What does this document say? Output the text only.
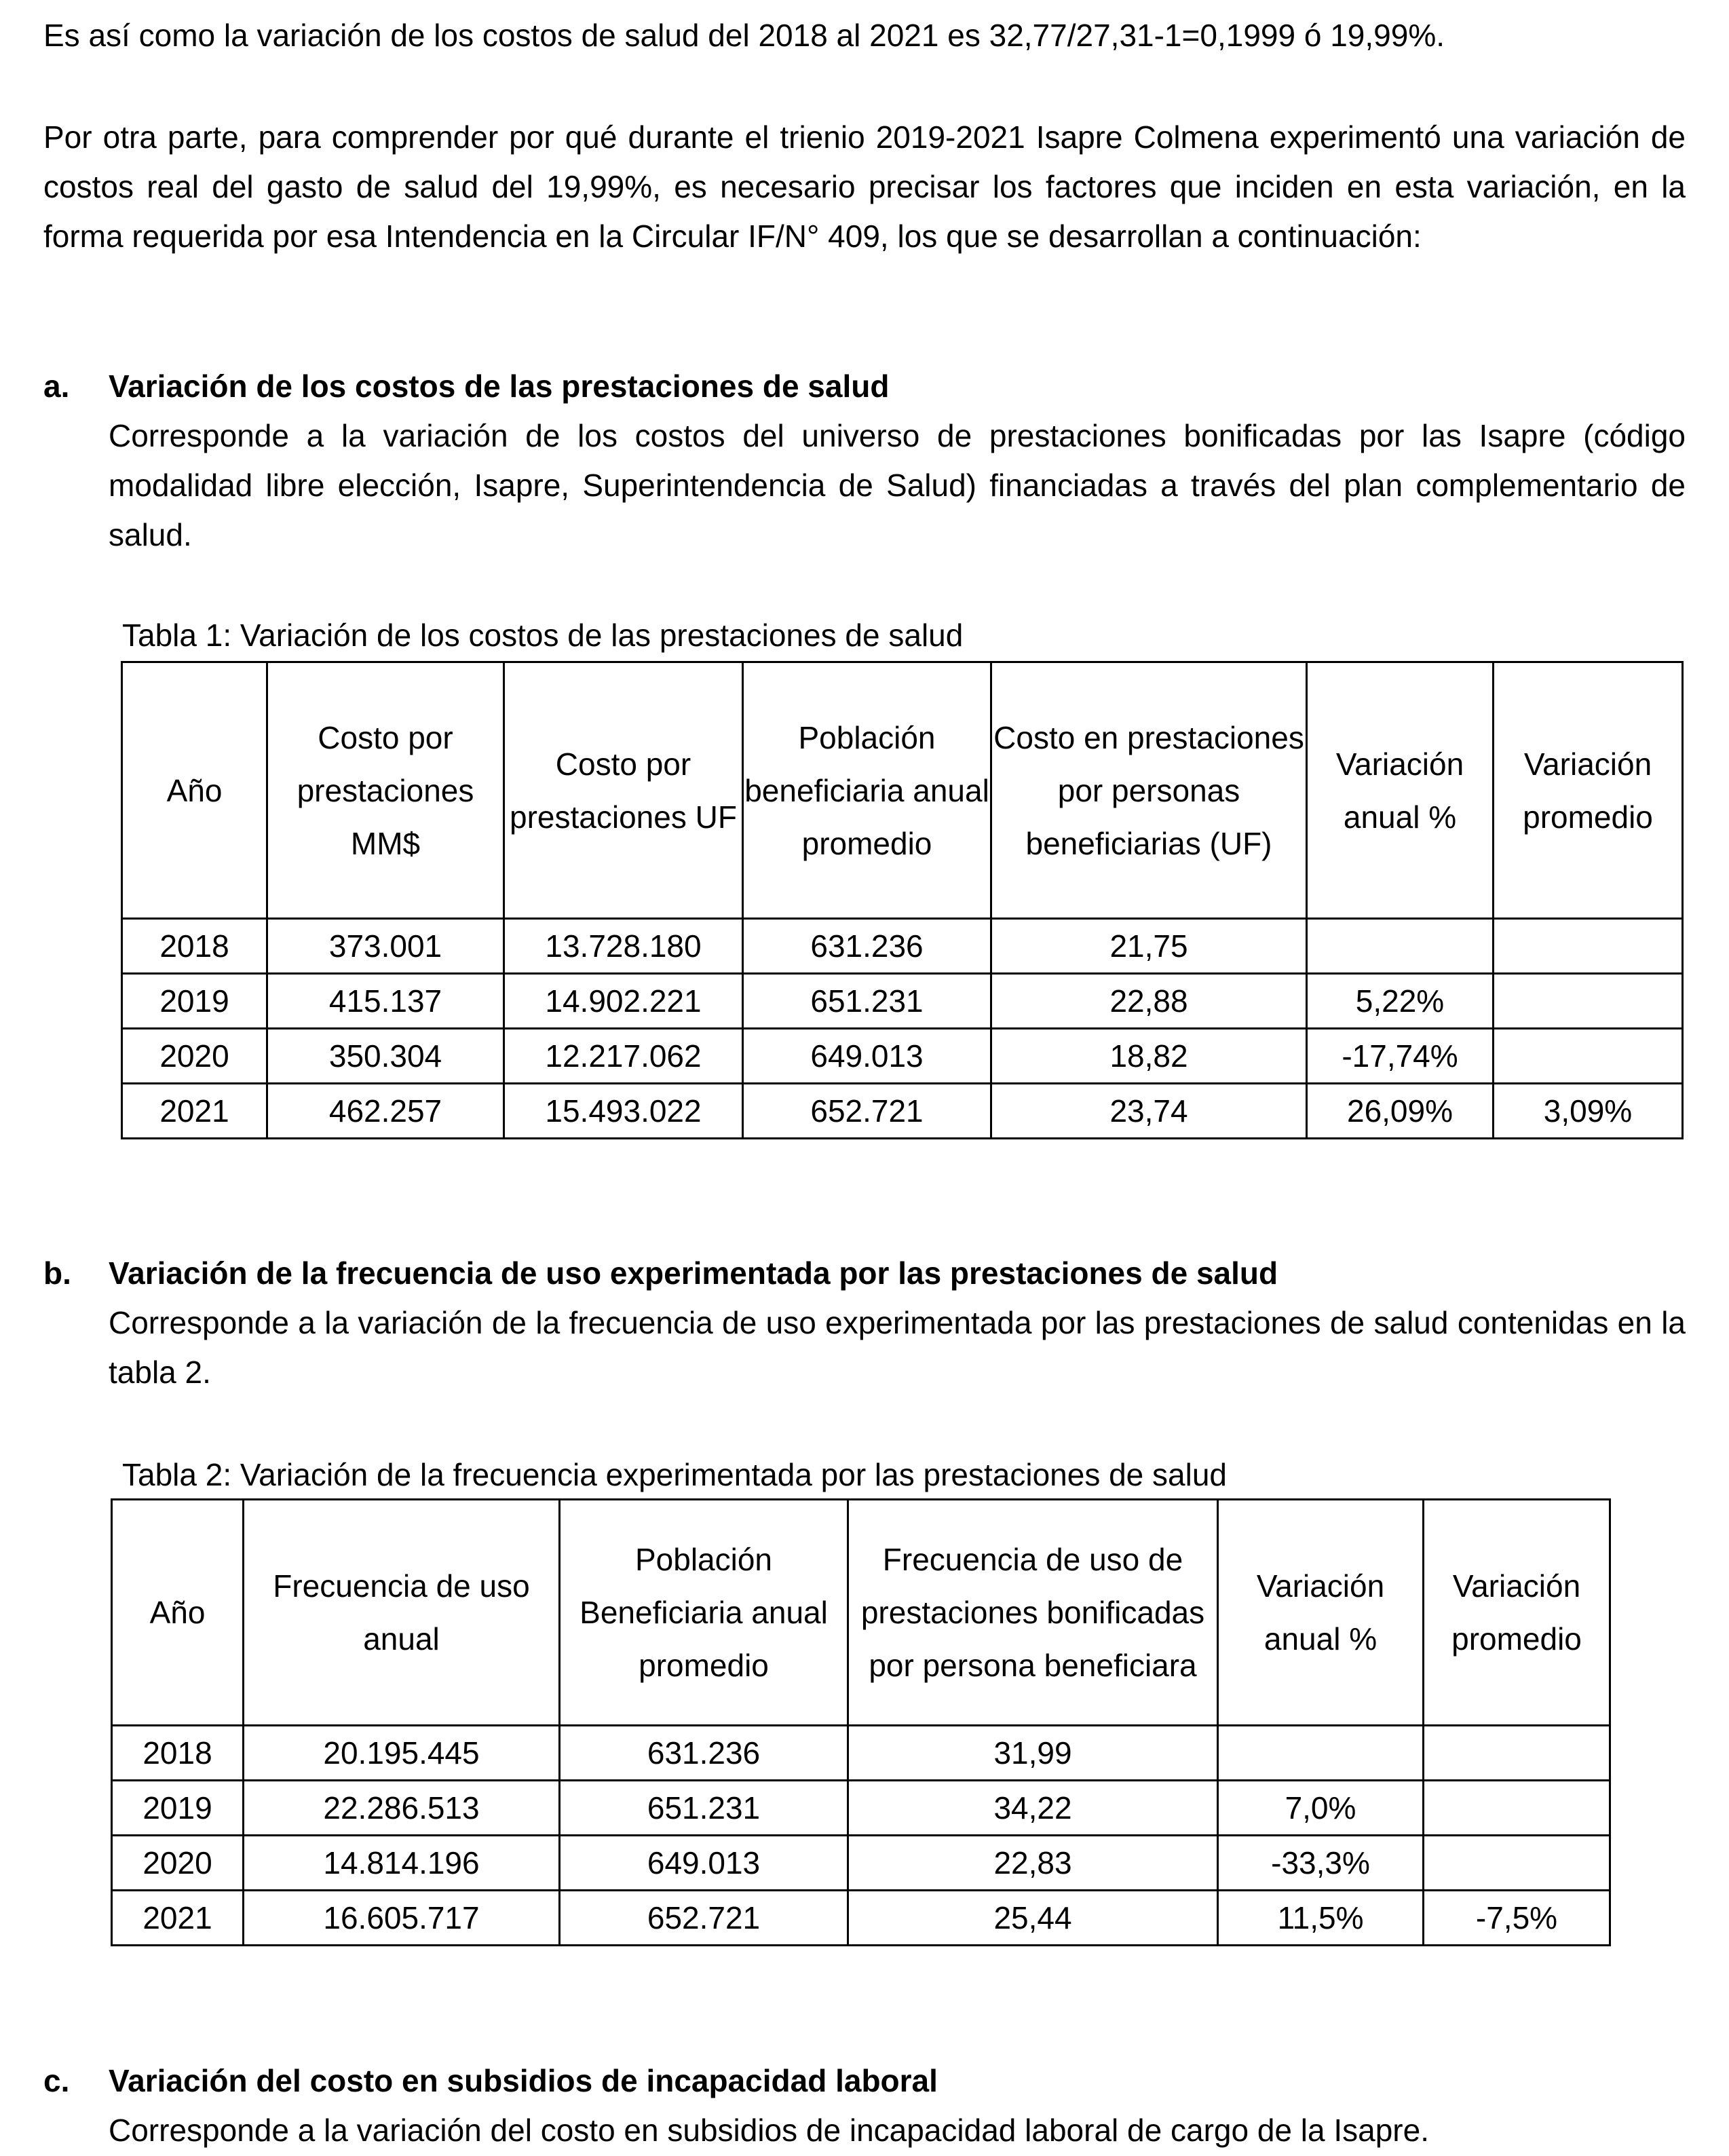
Es así como la variación de los costos de salud del 2018 al 2021 es 32,77/27,31-1=0,1999 ó 19,99%.

Por otra parte, para comprender por qué durante el trienio 2019-2021 Isapre Colmena experimentó una variación de costos real del gasto de salud del 19,99%, es necesario precisar los factores que inciden en esta variación, en la forma requerida por esa Intendencia en la Circular IF/N° 409, los que se desarrollan a continuación:

a. Variación de los costos de las prestaciones de salud

Corresponde a la variación de los costos del universo de prestaciones bonificadas por las Isapre (código modalidad libre elección, Isapre, Superintendencia de Salud) financiadas a través del plan complementario de salud.

Tabla 1: Variación de los costos de las prestaciones de salud
Año	Costo por prestaciones MM$	Costo por prestaciones UF	Población beneficiaria anual promedio	Costo en prestaciones por personas beneficiarias (UF)	Variación anual %	Variación promedio
2018	373.001	13.728.180	631.236	21,75		
2019	415.137	14.902.221	651.231	22,88	5,22%	
2020	350.304	12.217.062	649.013	18,82	-17,74%	
2021	462.257	15.493.022	652.721	23,74	26,09%	3,09%
b. Variación de la frecuencia de uso experimentada por las prestaciones de salud

Corresponde a la variación de la frecuencia de uso experimentada por las prestaciones de salud contenidas en la tabla 2.

Tabla 2: Variación de la frecuencia experimentada por las prestaciones de salud
Año	Frecuencia de uso anual	Población Beneficiaria anual promedio	Frecuencia de uso de prestaciones bonificadas por persona beneficiara	Variación anual %	Variación promedio
2018	20.195.445	631.236	31,99		
2019	22.286.513	651.231	34,22	7,0%	
2020	14.814.196	649.013	22,83	-33,3%	
2021	16.605.717	652.721	25,44	11,5%	-7,5%
c. Variación del costo en subsidios de incapacidad laboral

Corresponde a la variación del costo en subsidios de incapacidad laboral de cargo de la Isapre.
